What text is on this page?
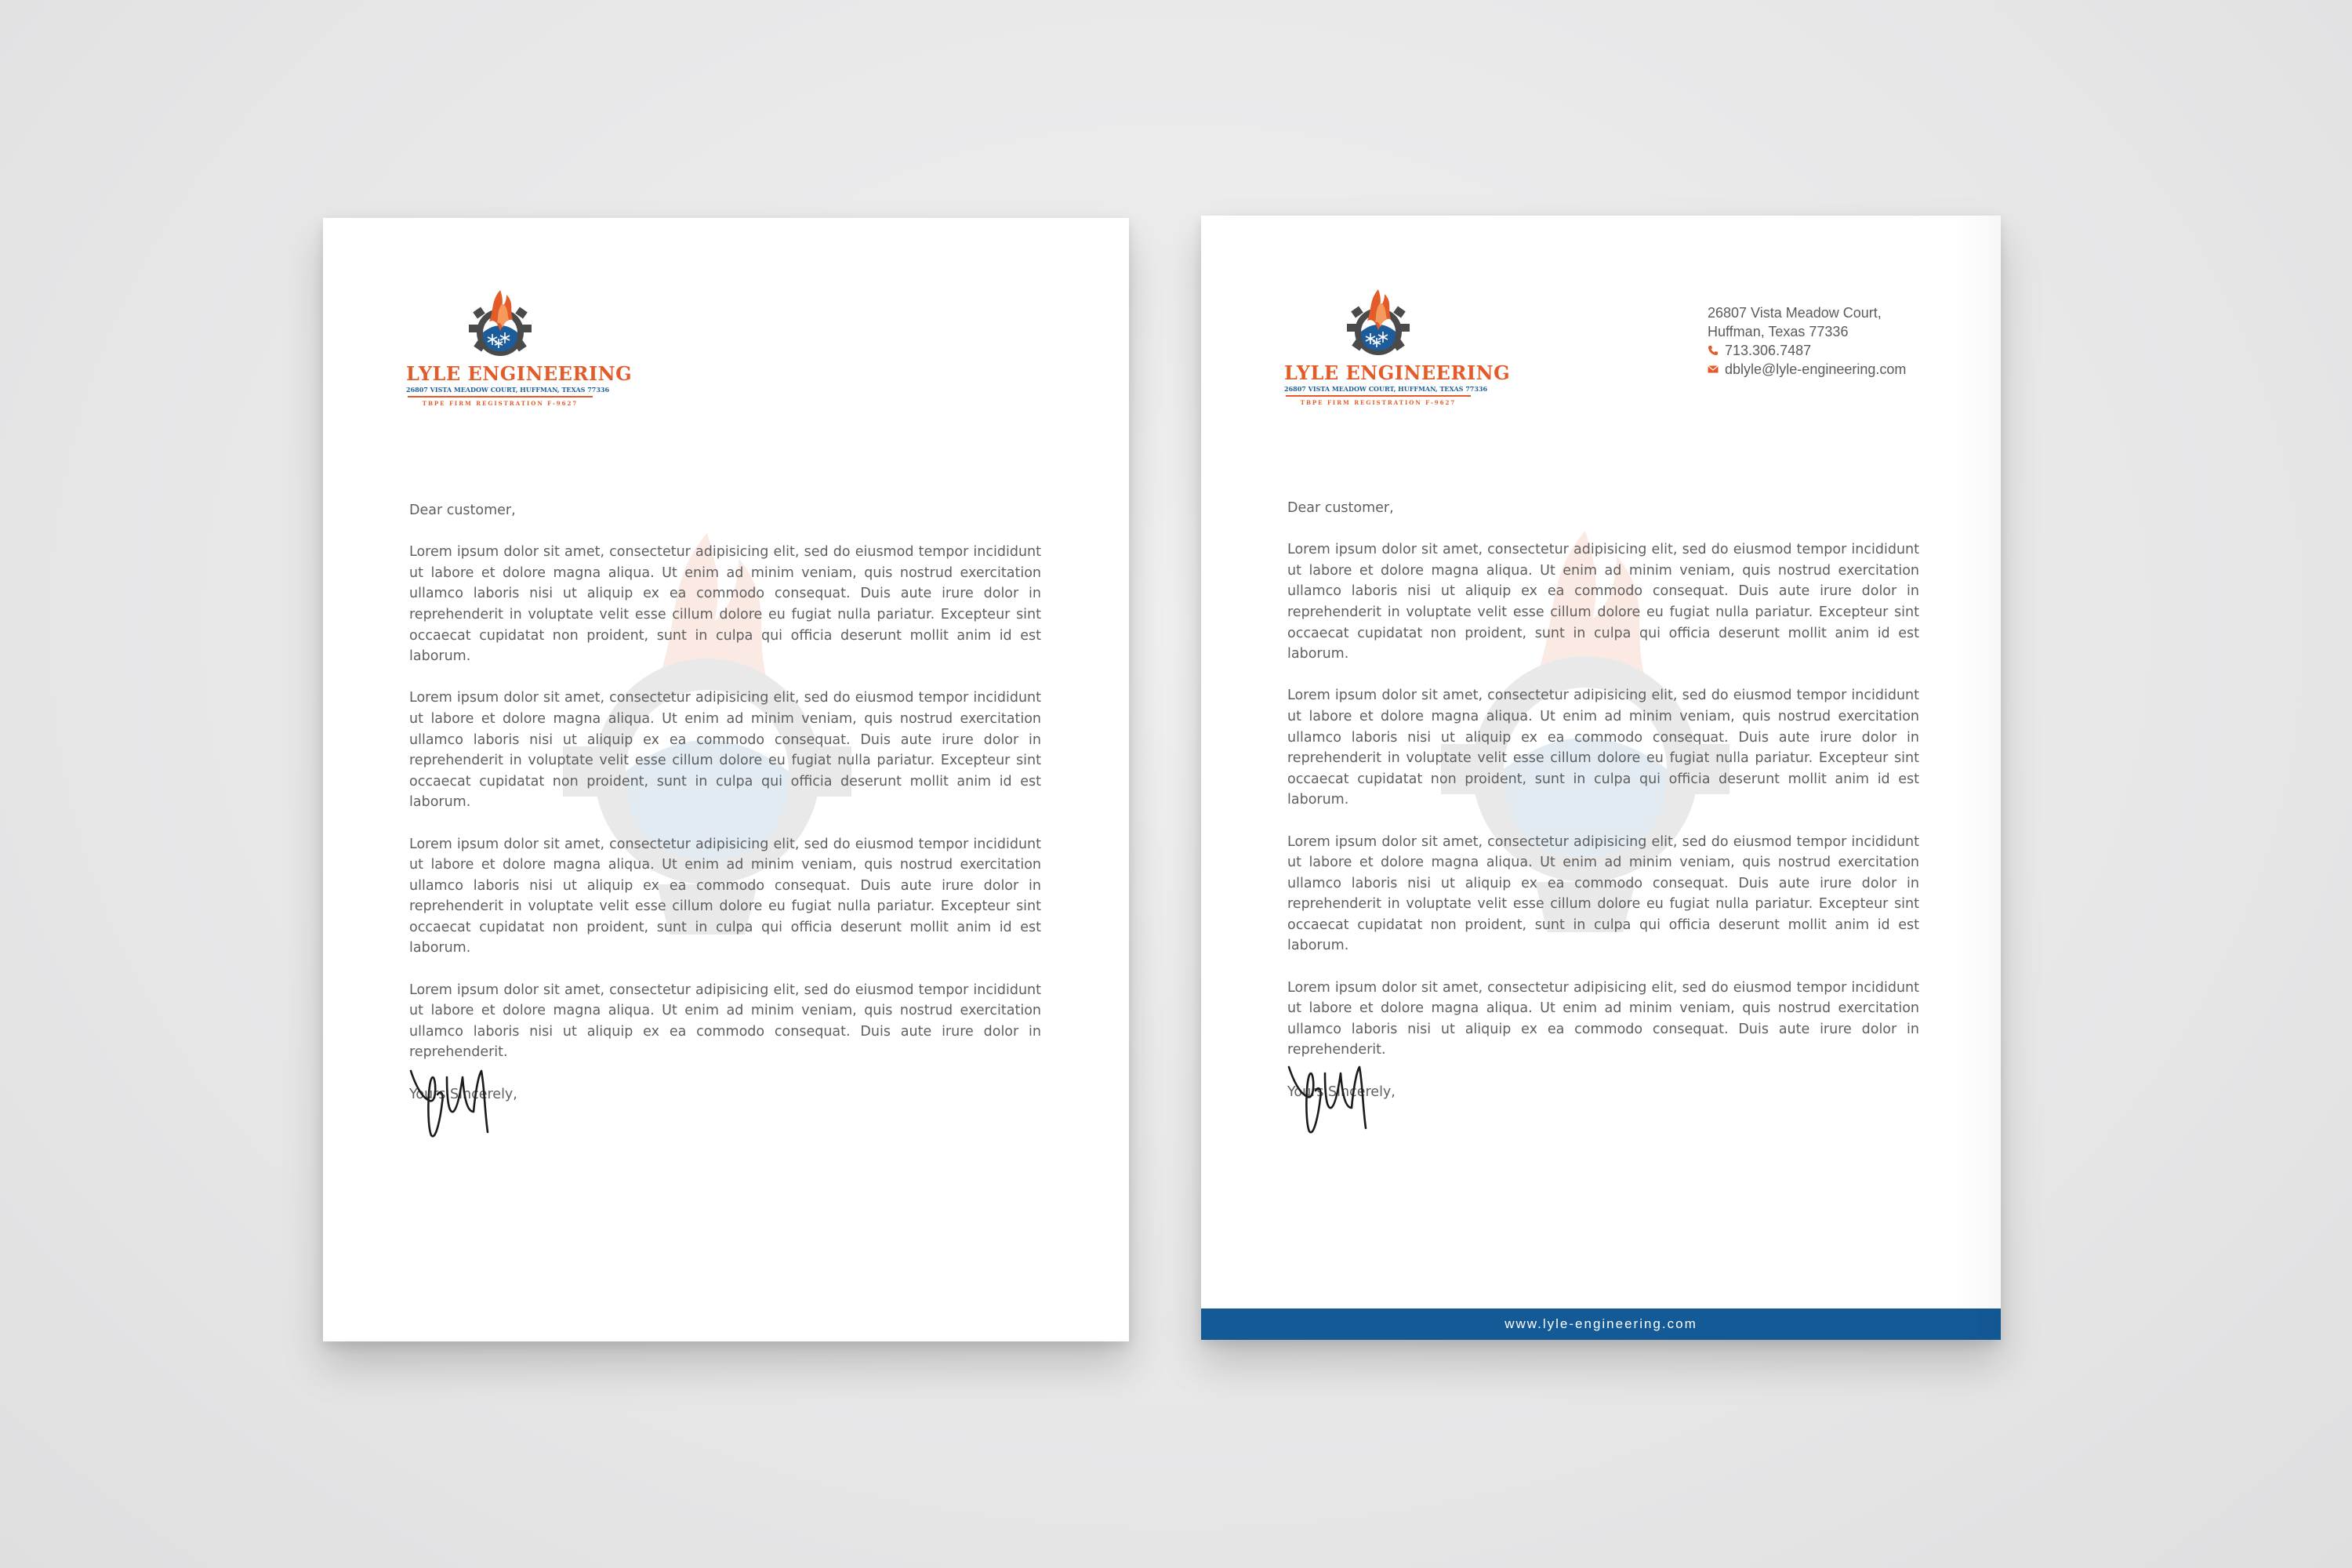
LYLE ENGINEERING
26807 VISTA MEADOW COURT, HUFFMAN, TEXAS 77336
TBPE FIRM REGISTRATION F-9627

Dear customer,

Lorem ipsum dolor sit amet, consectetur adipisicing elit, sed do eiusmod tempor incididunt ut labore et dolore magna aliqua. Ut enim ad minim veniam, quis nostrud exercitation ullamco laboris nisi ut aliquip ex ea commodo consequat. Duis aute irure dolor in reprehenderit in voluptate velit esse cillum dolore eu fugiat nulla pariatur. Excepteur sint occaecat cupidatat non proident, sunt in culpa qui officia deserunt mollit anim id est laborum.

Lorem ipsum dolor sit amet, consectetur adipisicing elit, sed do eiusmod tempor incididunt ut labore et dolore magna aliqua. Ut enim ad minim veniam, quis nostrud exercitation ullamco laboris nisi ut aliquip ex ea commodo consequat. Duis aute irure dolor in reprehenderit in voluptate velit esse cillum dolore eu fugiat nulla pariatur. Excepteur sint occaecat cupidatat non proident, sunt in culpa qui officia deserunt mollit anim id est laborum.

Lorem ipsum dolor sit amet, consectetur adipisicing elit, sed do eiusmod tempor incididunt ut labore et dolore magna aliqua. Ut enim ad minim veniam, quis nostrud exercitation ullamco laboris nisi ut aliquip ex ea commodo consequat. Duis aute irure dolor in reprehenderit in voluptate velit esse cillum dolore eu fugiat nulla pariatur. Excepteur sint occaecat cupidatat non proident, sunt in culpa qui officia deserunt mollit anim id est laborum.

Lorem ipsum dolor sit amet, consectetur adipisicing elit, sed do eiusmod tempor incididunt ut labore et dolore magna aliqua. Ut enim ad minim veniam, quis nostrud exercitation ullamco laboris nisi ut aliquip ex ea commodo consequat. Duis aute irure dolor in reprehenderit.

Yours Sincerely,

LYLE ENGINEERING
26807 VISTA MEADOW COURT, HUFFMAN, TEXAS 77336
TBPE FIRM REGISTRATION F-9627
26807 Vista Meadow Court,
Huffman, Texas 77336
713.306.7487
dblyle@lyle-engineering.com

Dear customer,

Lorem ipsum dolor sit amet, consectetur adipisicing elit, sed do eiusmod tempor incididunt ut labore et dolore magna aliqua. Ut enim ad minim veniam, quis nostrud exercitation ullamco laboris nisi ut aliquip ex ea commodo consequat. Duis aute irure dolor in reprehenderit in voluptate velit esse cillum dolore eu fugiat nulla pariatur. Excepteur sint occaecat cupidatat non proident, sunt in culpa qui officia deserunt mollit anim id est laborum.

Lorem ipsum dolor sit amet, consectetur adipisicing elit, sed do eiusmod tempor incididunt ut labore et dolore magna aliqua. Ut enim ad minim veniam, quis nostrud exercitation ullamco laboris nisi ut aliquip ex ea commodo consequat. Duis aute irure dolor in reprehenderit in voluptate velit esse cillum dolore eu fugiat nulla pariatur. Excepteur sint occaecat cupidatat non proident, sunt in culpa qui officia deserunt mollit anim id est laborum.

Lorem ipsum dolor sit amet, consectetur adipisicing elit, sed do eiusmod tempor incididunt ut labore et dolore magna aliqua. Ut enim ad minim veniam, quis nostrud exercitation ullamco laboris nisi ut aliquip ex ea commodo consequat. Duis aute irure dolor in reprehenderit in voluptate velit esse cillum dolore eu fugiat nulla pariatur. Excepteur sint occaecat cupidatat non proident, sunt in culpa qui officia deserunt mollit anim id est laborum.

Lorem ipsum dolor sit amet, consectetur adipisicing elit, sed do eiusmod tempor incididunt ut labore et dolore magna aliqua. Ut enim ad minim veniam, quis nostrud exercitation ullamco laboris nisi ut aliquip ex ea commodo consequat. Duis aute irure dolor in reprehenderit.

Yours Sincerely,

www.lyle-engineering.com
